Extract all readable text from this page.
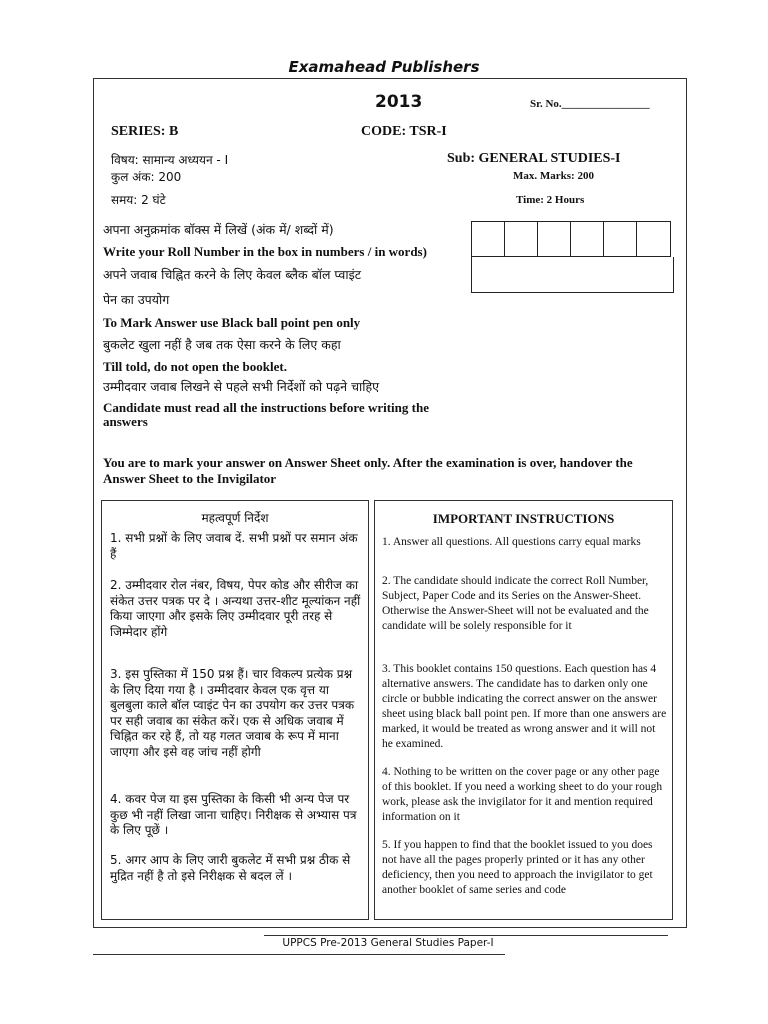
Examahead Publishers
2013	Sr. No.________________
SERIES: B	CODE: TSR-I
विषय: सामान्य अध्ययन - I	Sub: GENERAL STUDIES-I
कुल अंक: 200	Max. Marks: 200
समय: 2 घंटे	Time: 2 Hours
अपना अनुक्रमांक बॉक्स में लिखें (अंक में/ शब्दों में)
Write your Roll Number in the box in numbers / in words)
अपने जवाब चिह्नित करने के लिए केवल ब्लैक बॉल प्वाइंट
पेन का उपयोग
To Mark Answer use Black ball point pen only
बुकलेट खुला नहीं है जब तक ऐसा करने के लिए कहा
Till told, do not open the booklet.
उम्मीदवार जवाब लिखने से पहले सभी निर्देशों को पढ़ने चाहिए
Candidate must read all the instructions before writing the
answers
You are to mark your answer on Answer Sheet only. After the examination is over, handover the Answer Sheet to the Invigilator
महत्वपूर्ण निर्देश
1. सभी प्रश्नों के लिए जवाब दें. सभी प्रश्नों पर समान अंक हैं
2. उम्मीदवार रोल नंबर, विषय, पेपर कोड और सीरीज का संकेत उत्तर पत्रक पर दे । अन्यथा उत्तर-शीट मूल्यांकन नहीं किया जाएगा और इसके लिए उम्मीदवार पूरी तरह से जिम्मेदार होंगे
3. इस पुस्तिका में 150 प्रश्न हैं। चार विकल्प प्रत्येक प्रश्न के लिए दिया गया है । उम्मीदवार केवल एक वृत्त या बुलबुला काले बॉल प्वाइंट पेन का उपयोग कर उत्तर पत्रक पर सही जवाब का संकेत करें। एक से अधिक जवाब में चिह्नित कर रहे हैं, तो यह गलत जवाब के रूप में माना जाएगा और इसे वह जांच नहीं होगी
4. कवर पेज या इस पुस्तिका के किसी भी अन्य पेज पर कुछ भी नहीं लिखा जाना चाहिए। निरीक्षक से अभ्यास पत्र के लिए पूछें ।
5. अगर आप के लिए जारी बुकलेट में सभी प्रश्न ठीक से मुद्रित नहीं है तो इसे निरीक्षक से बदल लें ।
IMPORTANT INSTRUCTIONS
1. Answer all questions. All questions carry equal marks
2. The candidate should indicate the correct Roll Number, Subject, Paper Code and its Series on the Answer-Sheet. Otherwise the Answer-Sheet will not be evaluated and the candidate will be solely responsible for it
3. This booklet contains 150 questions. Each question has 4 alternative answers. The candidate has to darken only one circle or bubble indicating the correct answer on the answer sheet using black ball point pen. If more than one answers are marked, it would be treated as wrong answer and it will not he examined.
4. Nothing to be written on the cover page or any other page of this booklet. If you need a working sheet to do your rough work, please ask the invigilator for it and mention required information on it
5. If you happen to find that the booklet issued to you does not have all the pages properly printed or it has any other deficiency, then you need to approach the invigilator to get another booklet of same series and code
UPPCS Pre-2013 General Studies Paper-I
